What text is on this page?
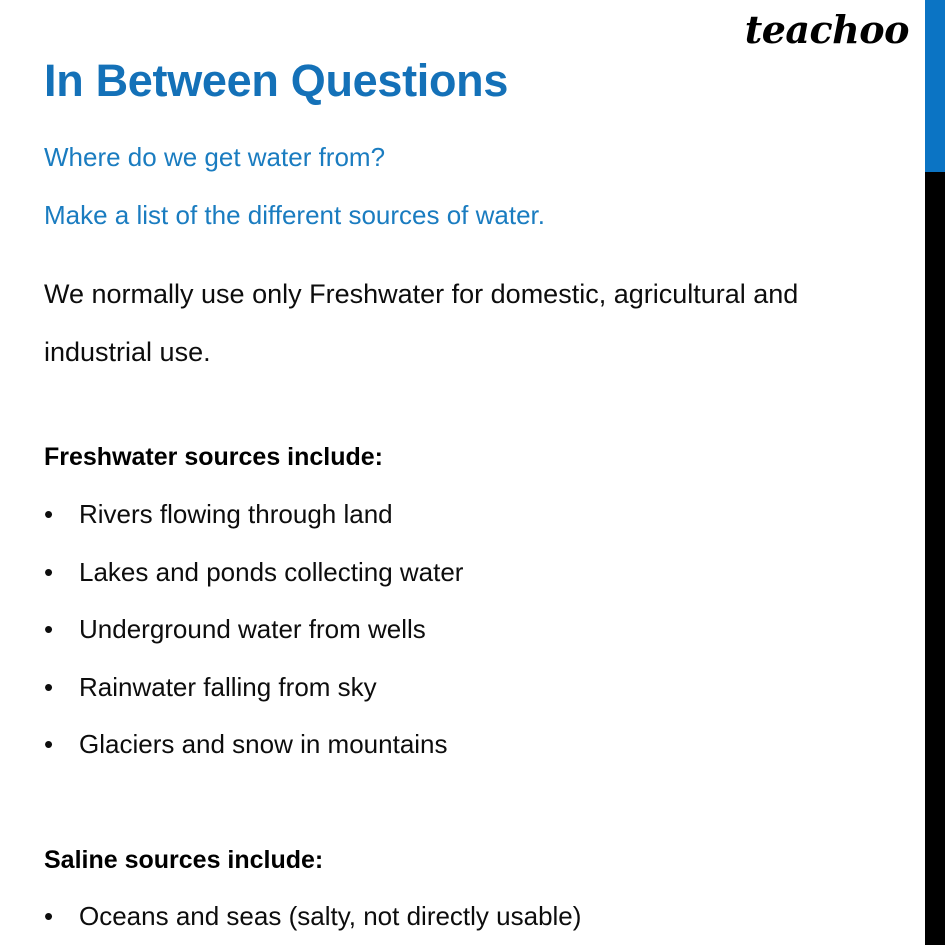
teachoo
In Between Questions
Where do we get water from?
Make a list of the different sources of water.
We normally use only Freshwater for domestic, agricultural and industrial use.
Freshwater sources include:
• Rivers flowing through land
• Lakes and ponds collecting water
• Underground water from wells
• Rainwater falling from sky
• Glaciers and snow in mountains
Saline sources include:
• Oceans and seas (salty, not directly usable)
